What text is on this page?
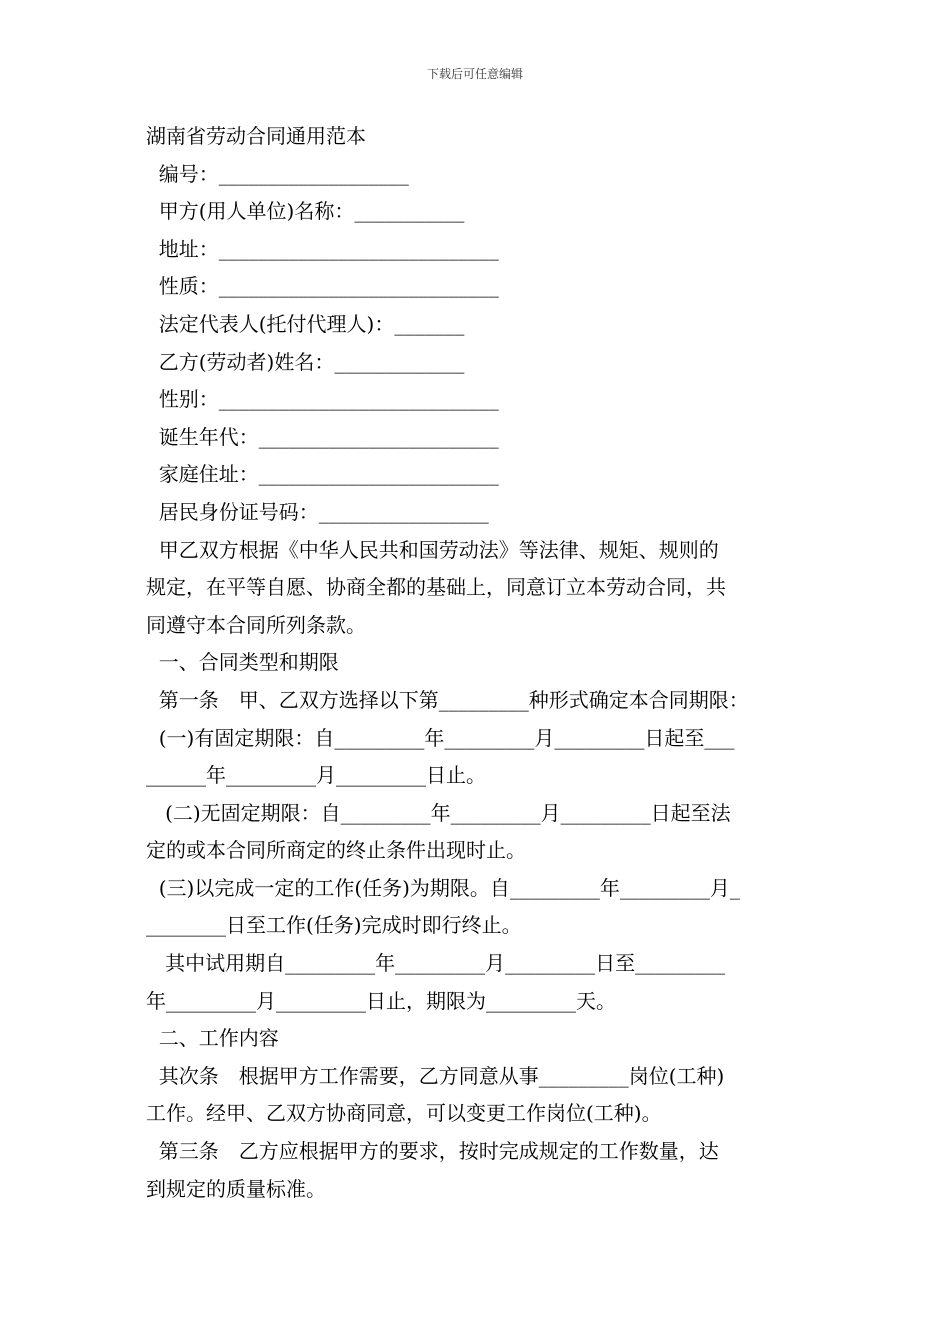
下载后可任意编辑
湖南省劳动合同通用范本
编号：___________________
甲方(用人单位)名称：___________
地址：____________________________
性质：____________________________
法定代表人(托付代理人)：_______
乙方(劳动者)姓名：_____________
性别：____________________________
诞生年代：________________________
家庭住址：________________________
居民身份证号码：_________________
甲乙双方根据《中华人民共和国劳动法》等法律、规矩、规则的
规定，在平等自愿、协商全都的基础上，同意订立本劳动合同，共
同遵守本合同所列条款。
一、合同类型和期限
第一条　甲、乙双方选择以下第_________种形式确定本合同期限：
(一)有固定期限：自_________年_________月_________日起至___
______年_________月_________日止。
(二)无固定期限：自_________年_________月_________日起至法
定的或本合同所商定的终止条件出现时止。
(三)以完成一定的工作(任务)为期限。自_________年_________月_
________日至工作(任务)完成时即行终止。
其中试用期自_________年_________月_________日至_________
年_________月_________日止，期限为_________天。
二、工作内容
其次条　根据甲方工作需要，乙方同意从事_________岗位(工种)
工作。经甲、乙双方协商同意，可以变更工作岗位(工种)。
第三条　乙方应根据甲方的要求，按时完成规定的工作数量，达
到规定的质量标准。
